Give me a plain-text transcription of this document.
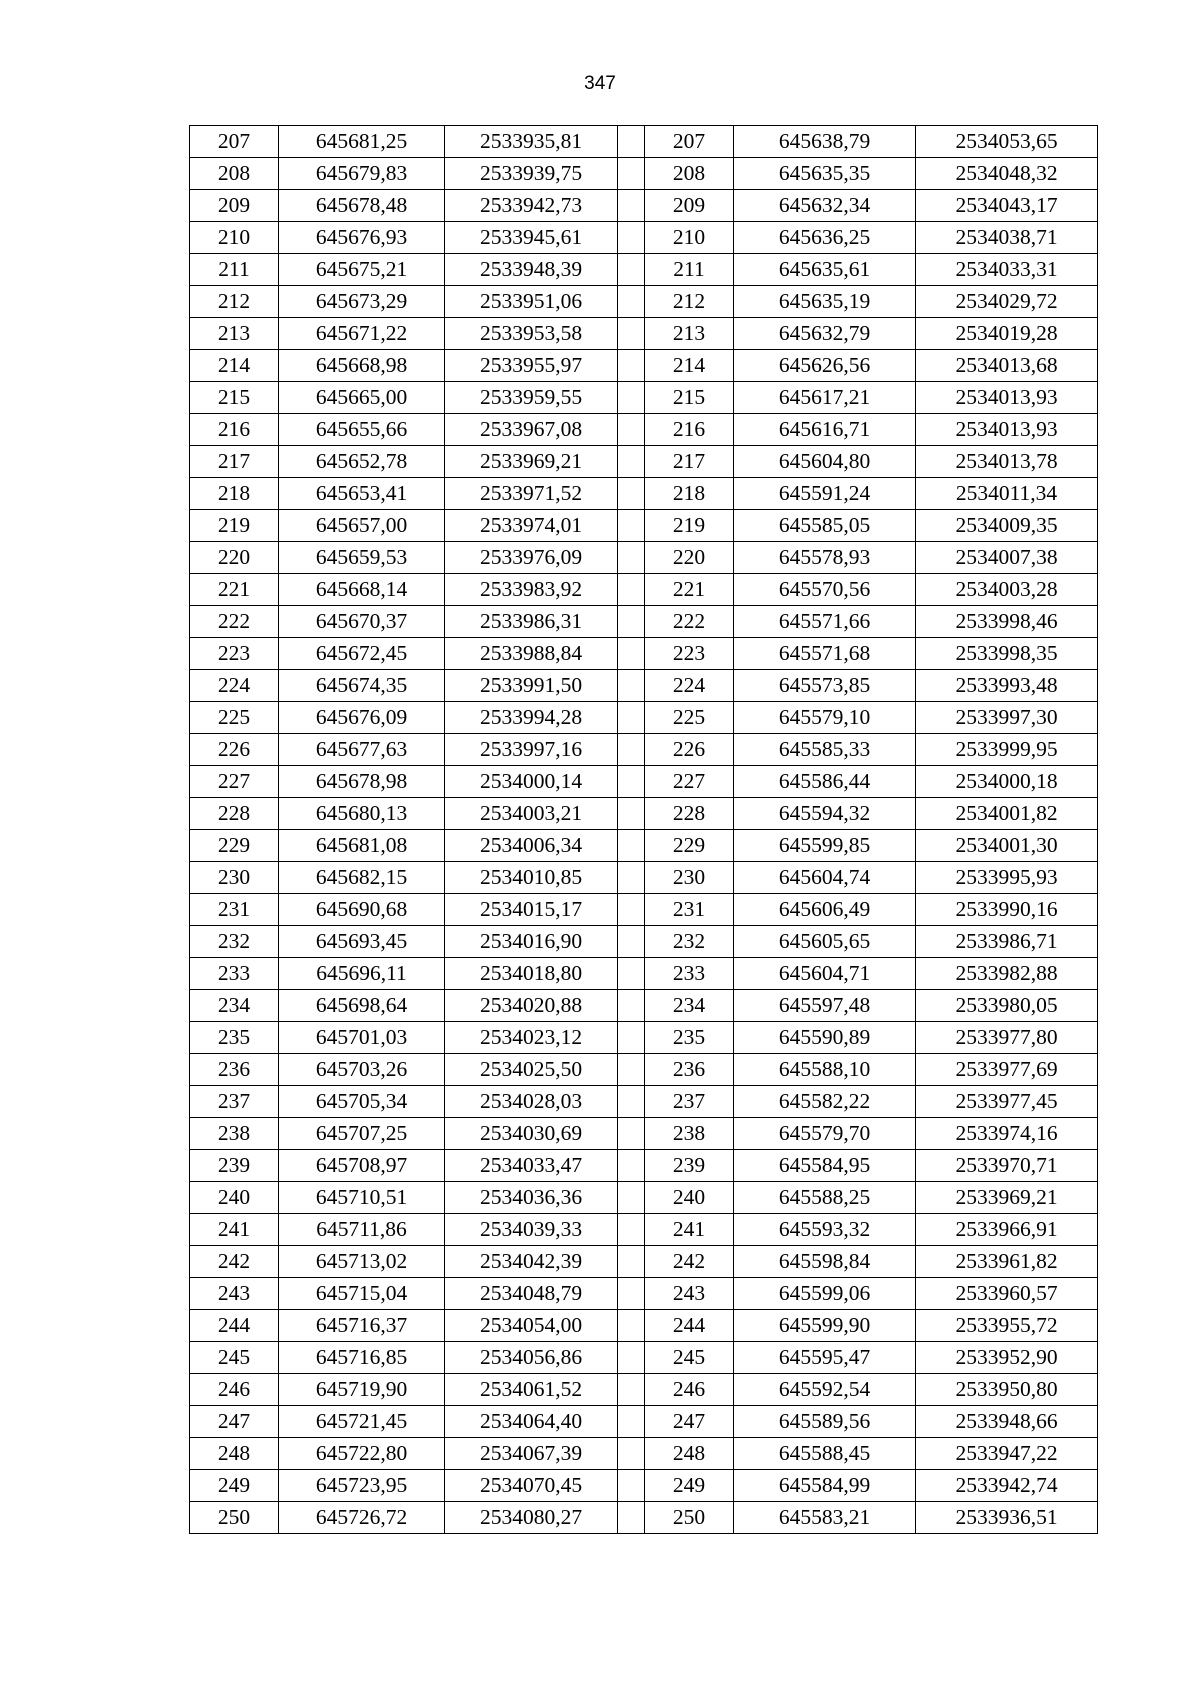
347
207	645681,25	2533935,81		207	645638,79	2534053,65
208	645679,83	2533939,75		208	645635,35	2534048,32
209	645678,48	2533942,73		209	645632,34	2534043,17
210	645676,93	2533945,61		210	645636,25	2534038,71
211	645675,21	2533948,39		211	645635,61	2534033,31
212	645673,29	2533951,06		212	645635,19	2534029,72
213	645671,22	2533953,58		213	645632,79	2534019,28
214	645668,98	2533955,97		214	645626,56	2534013,68
215	645665,00	2533959,55		215	645617,21	2534013,93
216	645655,66	2533967,08		216	645616,71	2534013,93
217	645652,78	2533969,21		217	645604,80	2534013,78
218	645653,41	2533971,52		218	645591,24	2534011,34
219	645657,00	2533974,01		219	645585,05	2534009,35
220	645659,53	2533976,09		220	645578,93	2534007,38
221	645668,14	2533983,92		221	645570,56	2534003,28
222	645670,37	2533986,31		222	645571,66	2533998,46
223	645672,45	2533988,84		223	645571,68	2533998,35
224	645674,35	2533991,50		224	645573,85	2533993,48
225	645676,09	2533994,28		225	645579,10	2533997,30
226	645677,63	2533997,16		226	645585,33	2533999,95
227	645678,98	2534000,14		227	645586,44	2534000,18
228	645680,13	2534003,21		228	645594,32	2534001,82
229	645681,08	2534006,34		229	645599,85	2534001,30
230	645682,15	2534010,85		230	645604,74	2533995,93
231	645690,68	2534015,17		231	645606,49	2533990,16
232	645693,45	2534016,90		232	645605,65	2533986,71
233	645696,11	2534018,80		233	645604,71	2533982,88
234	645698,64	2534020,88		234	645597,48	2533980,05
235	645701,03	2534023,12		235	645590,89	2533977,80
236	645703,26	2534025,50		236	645588,10	2533977,69
237	645705,34	2534028,03		237	645582,22	2533977,45
238	645707,25	2534030,69		238	645579,70	2533974,16
239	645708,97	2534033,47		239	645584,95	2533970,71
240	645710,51	2534036,36		240	645588,25	2533969,21
241	645711,86	2534039,33		241	645593,32	2533966,91
242	645713,02	2534042,39		242	645598,84	2533961,82
243	645715,04	2534048,79		243	645599,06	2533960,57
244	645716,37	2534054,00		244	645599,90	2533955,72
245	645716,85	2534056,86		245	645595,47	2533952,90
246	645719,90	2534061,52		246	645592,54	2533950,80
247	645721,45	2534064,40		247	645589,56	2533948,66
248	645722,80	2534067,39		248	645588,45	2533947,22
249	645723,95	2534070,45		249	645584,99	2533942,74
250	645726,72	2534080,27		250	645583,21	2533936,51
